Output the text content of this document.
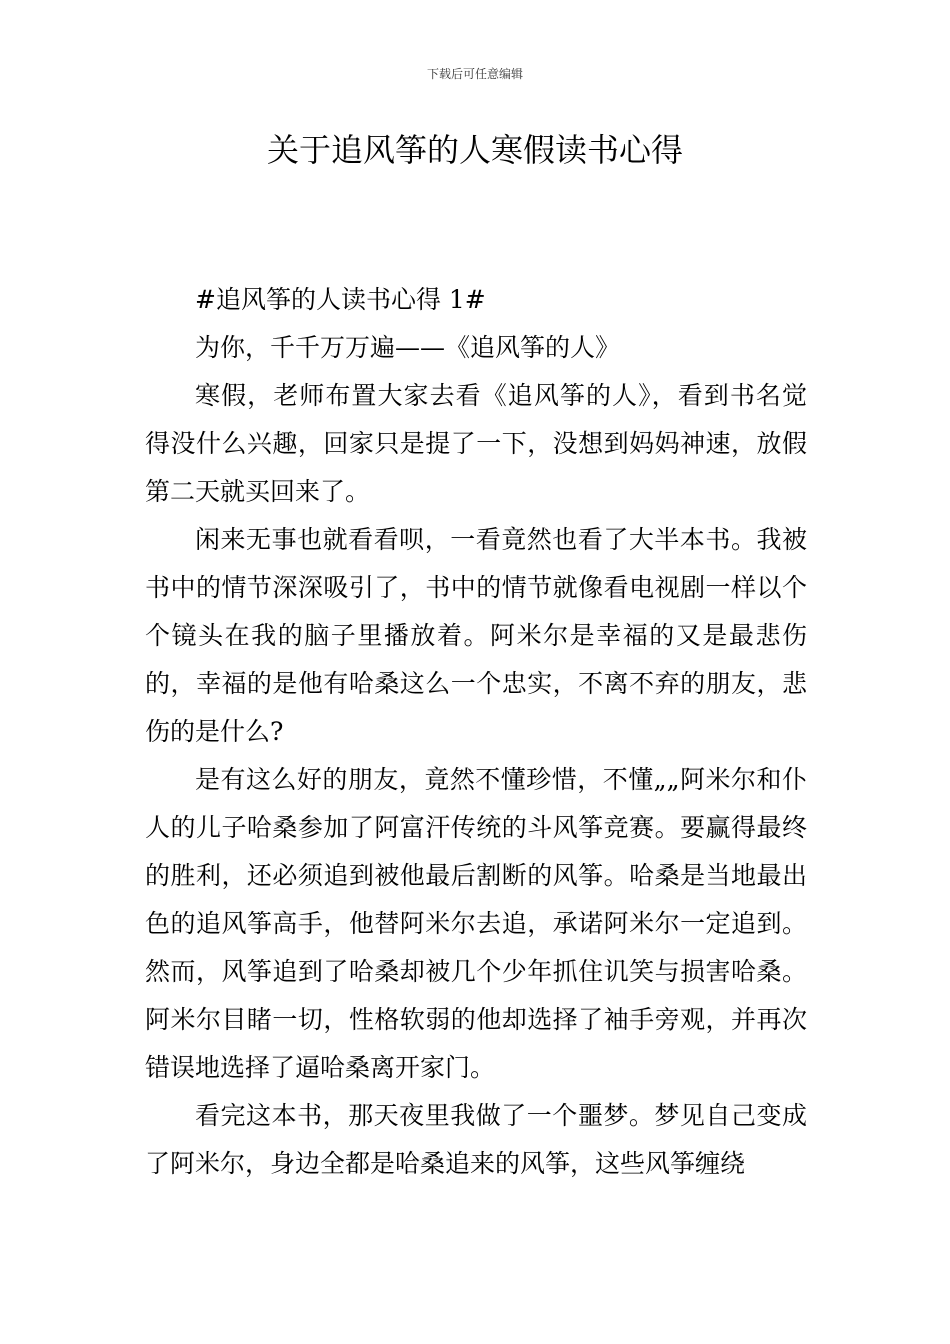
下载后可任意编辑
关于追风筝的人寒假读书心得

#追风筝的人读书心得 1#

为你，千千万万遍——《追风筝的人》

寒假，老师布置大家去看《追风筝的人》，看到书名觉得没什么兴趣，回家只是提了一下，没想到妈妈神速，放假第二天就买回来了。

闲来无事也就看看呗，一看竟然也看了大半本书。我被书中的情节深深吸引了，书中的情节就像看电视剧一样以个个镜头在我的脑子里播放着。阿米尔是幸福的又是最悲伤的，幸福的是他有哈桑这么一个忠实，不离不弃的朋友，悲伤的是什么?

是有这么好的朋友，竟然不懂珍惜，不懂„„阿米尔和仆人的儿子哈桑参加了阿富汗传统的斗风筝竞赛。要赢得最终的胜利，还必须追到被他最后割断的风筝。哈桑是当地最出色的追风筝高手，他替阿米尔去追，承诺阿米尔一定追到。然而，风筝追到了哈桑却被几个少年抓住讥笑与损害哈桑。阿米尔目睹一切，性格软弱的他却选择了袖手旁观，并再次错误地选择了逼哈桑离开家门。

看完这本书，那天夜里我做了一个噩梦。梦见自己变成了阿米尔，身边全都是哈桑追来的风筝，这些风筝缠绕
